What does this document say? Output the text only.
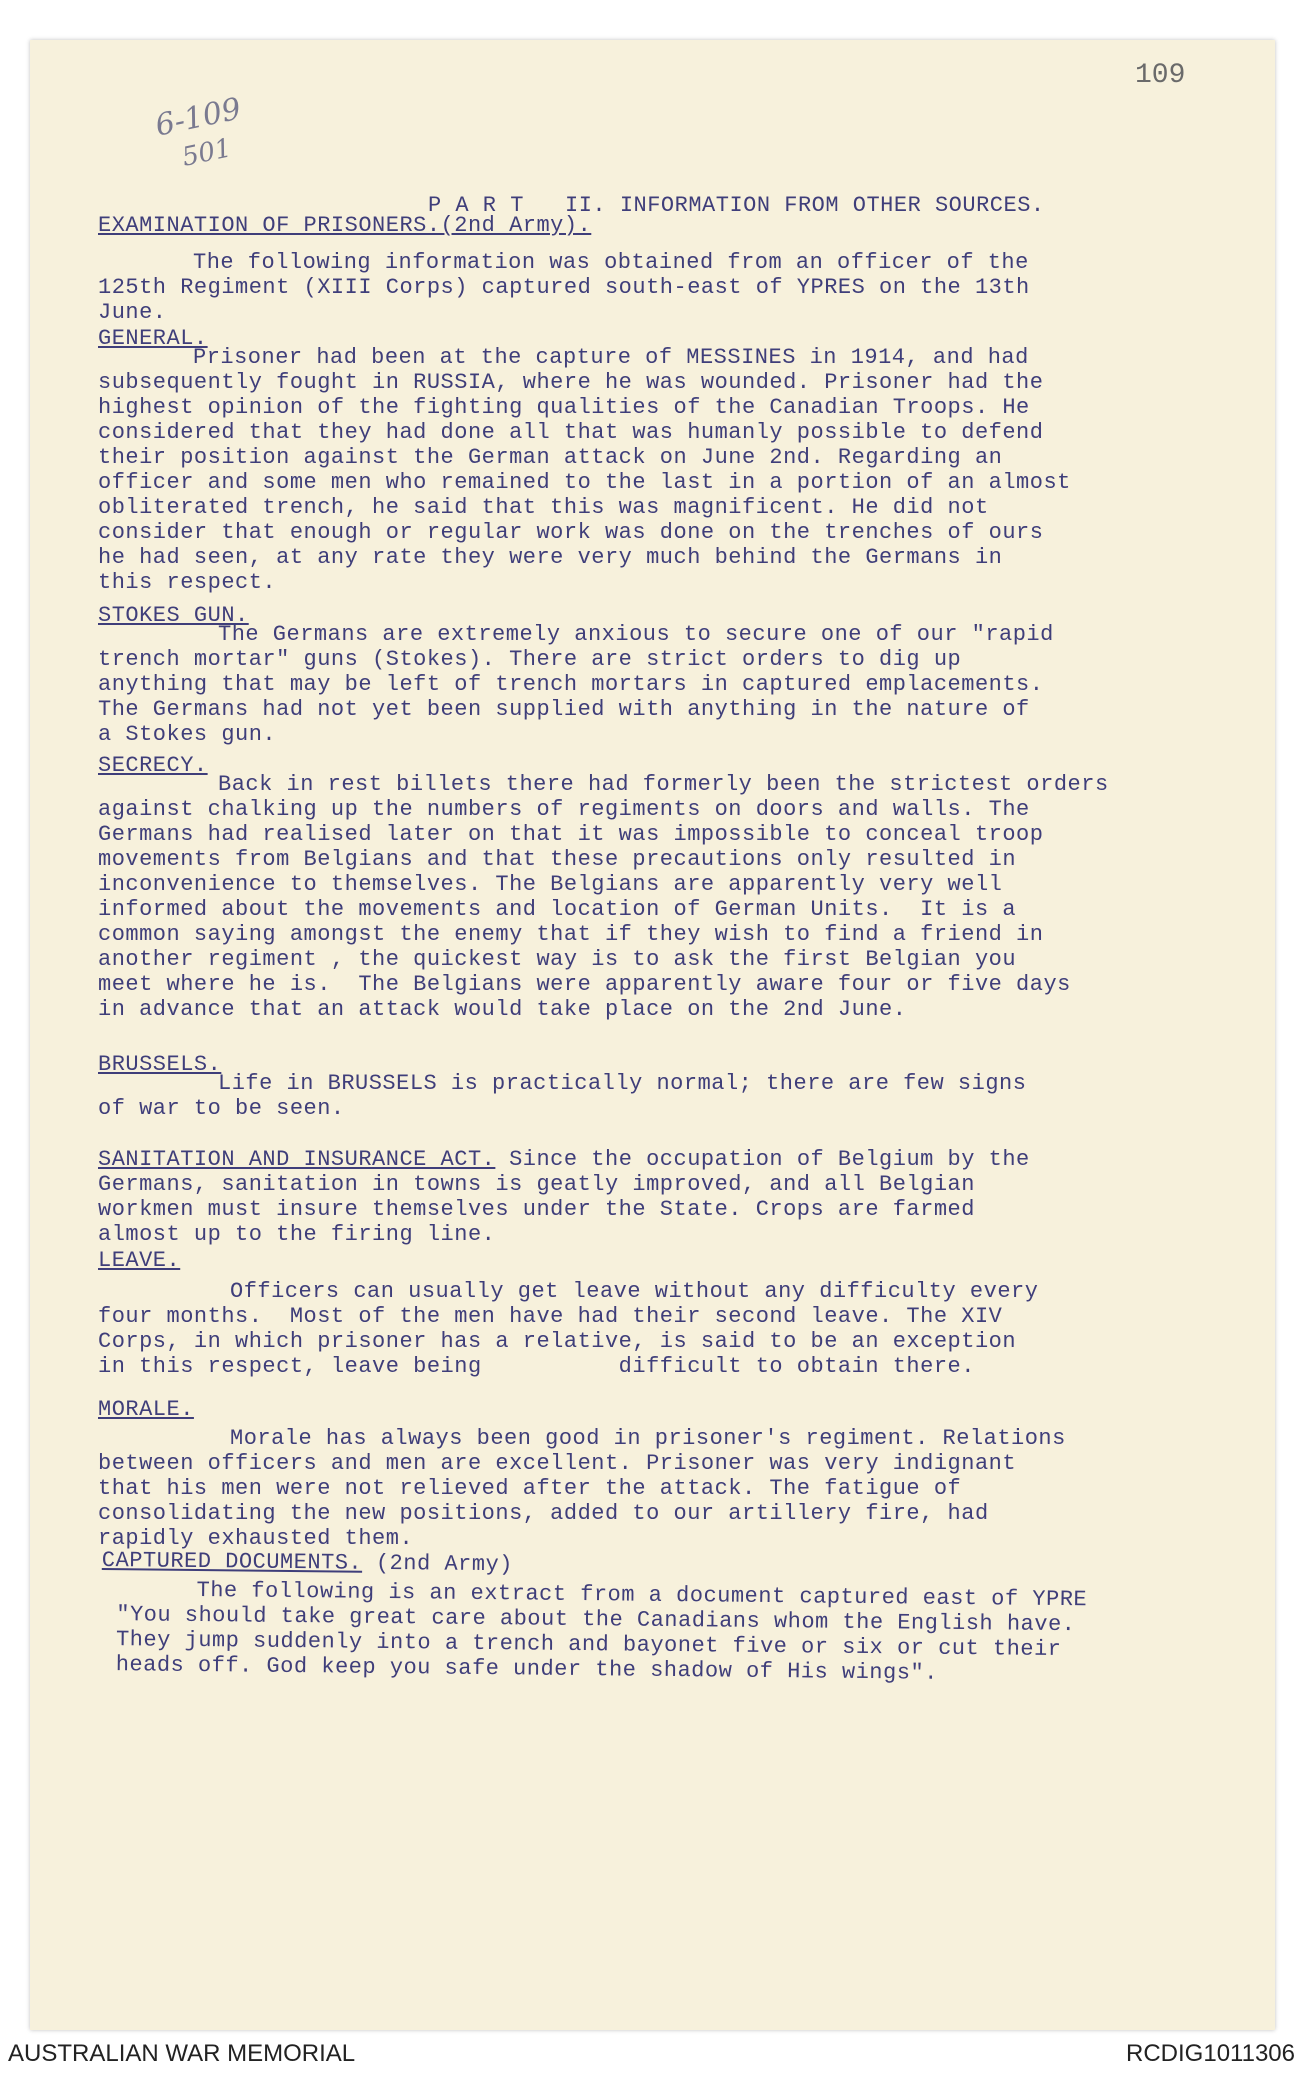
109
6-109
501
P A R T   II. INFORMATION FROM OTHER SOURCES.
EXAMINATION OF PRISONERS.(2nd Army).
The following information was obtained from an officer of the
125th Regiment (XIII Corps) captured south-east of YPRES on the 13th
June.
GENERAL.
Prisoner had been at the capture of MESSINES in 1914, and had
subsequently fought in RUSSIA, where he was wounded. Prisoner had the
highest opinion of the fighting qualities of the Canadian Troops. He
considered that they had done all that was humanly possible to defend
their position against the German attack on June 2nd. Regarding an
officer and some men who remained to the last in a portion of an almost
obliterated trench, he said that this was magnificent. He did not
consider that enough or regular work was done on the trenches of ours
he had seen, at any rate they were very much behind the Germans in
this respect.
STOKES GUN.
The Germans are extremely anxious to secure one of our "rapid
trench mortar" guns (Stokes). There are strict orders to dig up
anything that may be left of trench mortars in captured emplacements.
The Germans had not yet been supplied with anything in the nature of
a Stokes gun.
SECRECY.
Back in rest billets there had formerly been the strictest orders
against chalking up the numbers of regiments on doors and walls. The
Germans had realised later on that it was impossible to conceal troop
movements from Belgians and that these precautions only resulted in
inconvenience to themselves. The Belgians are apparently very well
informed about the movements and location of German Units.  It is a
common saying amongst the enemy that if they wish to find a friend in
another regiment , the quickest way is to ask the first Belgian you
meet where he is.  The Belgians were apparently aware four or five days
in advance that an attack would take place on the 2nd June.
BRUSSELS.
Life in BRUSSELS is practically normal; there are few signs
of war to be seen.
SANITATION AND INSURANCE ACT. Since the occupation of Belgium by the
Germans, sanitation in towns is geatly improved, and all Belgian
workmen must insure themselves under the State. Crops are farmed
almost up to the firing line.
LEAVE.
Officers can usually get leave without any difficulty every
four months.  Most of the men have had their second leave. The XIV
Corps, in which prisoner has a relative, is said to be an exception
in this respect, leave being          difficult to obtain there.
MORALE.
Morale has always been good in prisoner's regiment. Relations
between officers and men are excellent. Prisoner was very indignant
that his men were not relieved after the attack. The fatigue of
consolidating the new positions, added to our artillery fire, had
rapidly exhausted them.
CAPTURED DOCUMENTS. (2nd Army)
The following is an extract from a document captured east of YPRE
"You should take great care about the Canadians whom the English have.
They jump suddenly into a trench and bayonet five or six or cut their
heads off. God keep you safe under the shadow of His wings".
AUSTRALIAN WAR MEMORIAL	RCDIG1011306
